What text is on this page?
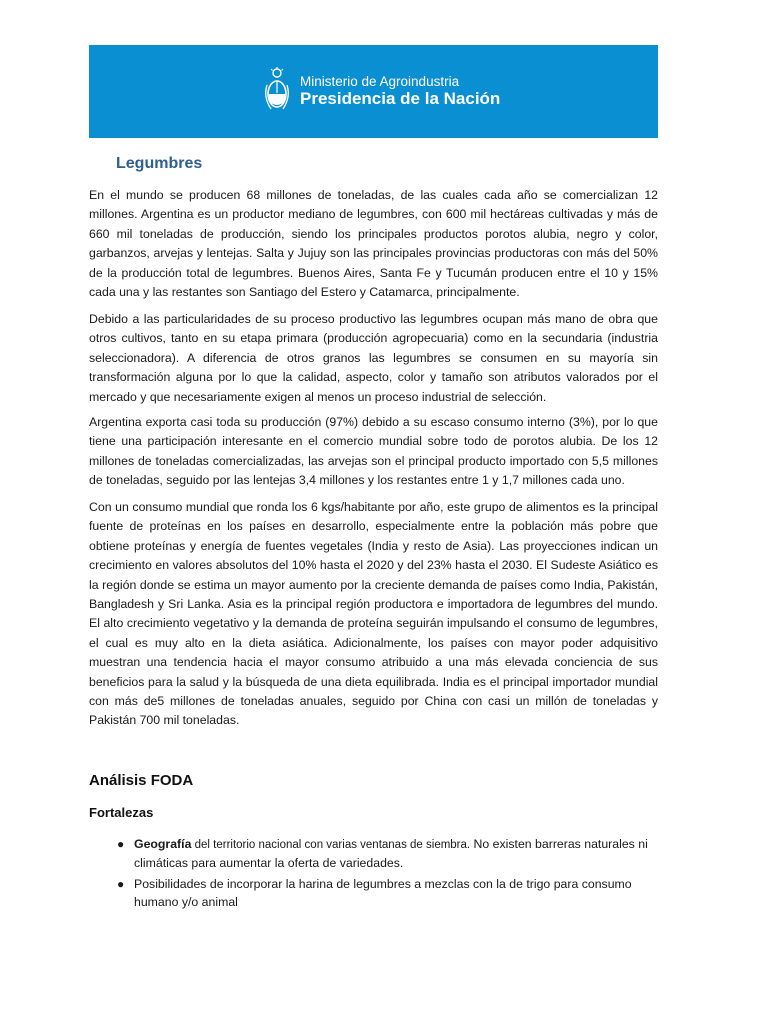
Ministerio de Agroindustria
Presidencia de la Nación
Legumbres

En el mundo se producen 68 millones de toneladas, de las cuales cada año se comercializan 12 millones. Argentina es un productor mediano de legumbres, con 600 mil hectáreas cultivadas y más de 660 mil toneladas de producción, siendo los principales productos porotos alubia, negro y color, garbanzos, arvejas y lentejas. Salta y Jujuy son las principales provincias productoras con más del 50% de la producción total de legumbres. Buenos Aires, Santa Fe y Tucumán producen entre el 10 y 15% cada una y las restantes son Santiago del Estero y Catamarca, principalmente.

Debido a las particularidades de su proceso productivo las legumbres ocupan más mano de obra que otros cultivos, tanto en su etapa primara (producción agropecuaria) como en la secundaria (industria seleccionadora). A diferencia de otros granos las legumbres se consumen en su mayoría sin transformación alguna por lo que la calidad, aspecto, color y tamaño son atributos valorados por el mercado y que necesariamente exigen al menos un proceso industrial de selección.

Argentina exporta casi toda su producción (97%) debido a su escaso consumo interno (3%), por lo que tiene una participación interesante en el comercio mundial sobre todo de porotos alubia. De los 12 millones de toneladas comercializadas, las arvejas son el principal producto importado con 5,5 millones de toneladas, seguido por las lentejas 3,4 millones y los restantes entre 1 y 1,7 millones cada uno.

Con un consumo mundial que ronda los 6 kgs/habitante por año, este grupo de alimentos es la principal fuente de proteínas en los países en desarrollo, especialmente entre la población más pobre que obtiene proteínas y energía de fuentes vegetales (India y resto de Asia). Las proyecciones indican un crecimiento en valores absolutos del 10% hasta el 2020 y del 23% hasta el 2030. El Sudeste Asiático es la región donde se estima un mayor aumento por la creciente demanda de países como India, Pakistán, Bangladesh y Sri Lanka. Asia es la principal región productora e importadora de legumbres del mundo. El alto crecimiento vegetativo y la demanda de proteína seguirán impulsando el consumo de legumbres, el cual es muy alto en la dieta asiática. Adicionalmente, los países con mayor poder adquisitivo muestran una tendencia hacia el mayor consumo atribuido a una más elevada conciencia de sus beneficios para la salud y la búsqueda de una dieta equilibrada. India es el principal importador mundial con más de5 millones de toneladas anuales, seguido por China con casi un millón de toneladas y Pakistán 700 mil toneladas.

Análisis FODA
Fortalezas
● Geografía del territorio nacional con varias ventanas de siembra. No existen barreras naturales ni climáticas para aumentar la oferta de variedades.
● Posibilidades de incorporar la harina de legumbres a mezclas con la de trigo para consumo humano y/o animal
